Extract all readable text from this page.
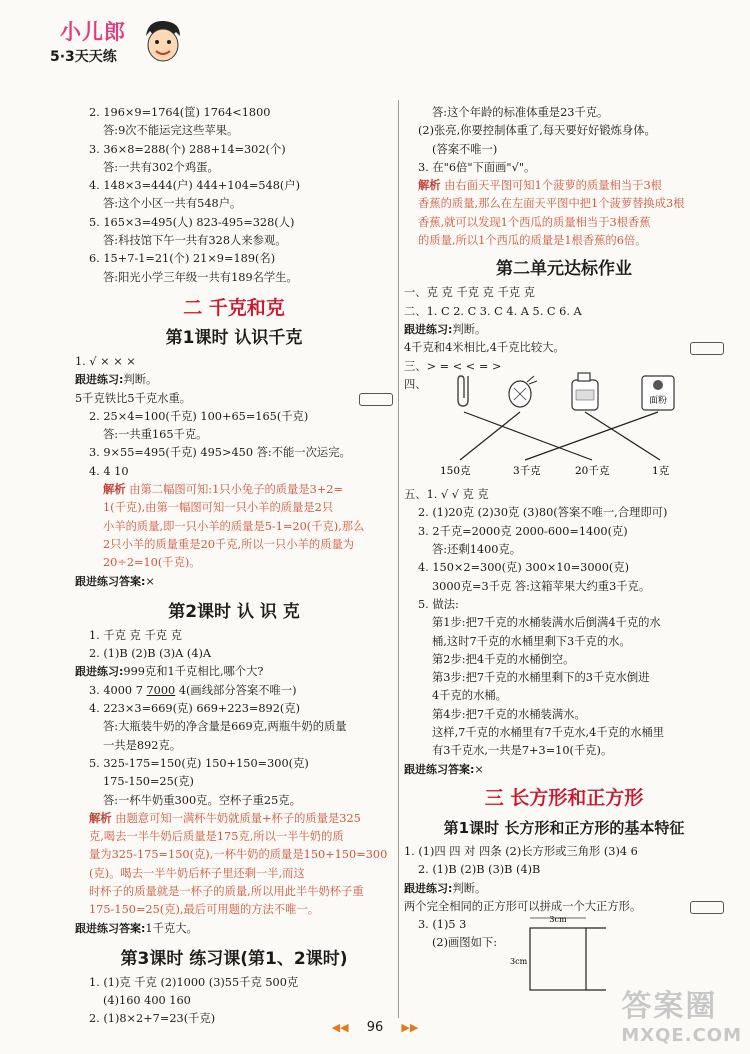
小儿郎
5·3天天练
2. 196×9=1764(筐) 1764<1800
答:9次不能运完这些苹果。
3. 36×8=288(个) 288+14=302(个)
答:一共有302个鸡蛋。
4. 148×3=444(户) 444+104=548(户)
答:这个小区一共有548户。
5. 165×3=495(人) 823-495=328(人)
答:科技馆下午一共有328人来参观。
6. 15+7-1=21(个) 21×9=189(名)
答:阳光小学三年级一共有189名学生。
二 千克和克
第1课时 认识千克
1. √ × × ×
跟进练习:判断。
5千克铁比5千克水重。
2. 25×4=100(千克) 100+65=165(千克)
答:一共重165千克。
3. 9×55=495(千克) 495>450 答:不能一次运完。
4. 4 10
解析 由第二幅图可知:1只小兔子的质量是3+2=
1(千克),由第一幅图可知一只小羊的质量是2只
小羊的质量,即一只小羊的质量是5-1=20(千克),那么
2只小羊的质量重是20千克,所以一只小羊的质量为
20÷2=10(千克)。
跟进练习答案:×
第2课时 认 识 克
1. 千克 克 千克 克
2. (1)B (2)B (3)A (4)A
跟进练习:999克和1千克相比,哪个大?
3. 4000 7 7000 4(画线部分答案不唯一)
4. 223×3=669(克) 669+223=892(克)
答:大瓶装牛奶的净含量是669克,两瓶牛奶的质量
一共是892克。
5. 325-175=150(克) 150+150=300(克)
175-150=25(克)
答:一杯牛奶重300克。空杯子重25克。
解析 由题意可知一满杯牛奶就质量+杯子的质量是325
克,喝去一半牛奶后质量是175克,所以一半牛奶的质
量为325-175=150(克),一杯牛奶的质量是150+150=300
(克)。喝去一半牛奶后杯子里还剩一半,而这
时杯子的质量就是一杯子的质量,所以用此半牛奶杯子重
175-150=25(克),最后可用题的方法不唯一。
跟进练习答案:1千克大。
第3课时 练习课(第1、2课时)
1. (1)克 千克 (2)1000 (3)55千克 500克
(4)160 400 160
2. (1)8×2+7=23(千克)
答:这个年龄的标准体重是23千克。
(2)张亮,你要控制体重了,每天要好好锻炼身体。
(答案不唯一)
3. 在"6倍"下面画"√"。
解析 由右面天平图可知1个菠萝的质量相当于3根
香蕉的质量,那么在左面天平图中把1个菠萝替换成3根
香蕉,就可以发现1个西瓜的质量相当于3根香蕉
的质量,所以1个西瓜的质量是1根香蕉的6倍。
第二单元达标作业
一、克 克 千克 克 千克 克
二、1. C 2. C 3. C 4. A 5. C 6. A
跟进练习:判断。
4千克和4米相比,4千克比较大。
三、> = < < = >
四、
五、1. √ √ 克 克
2. (1)20克 (2)30克 (3)80(答案不唯一,合理即可)
3. 2千克=2000克 2000-600=1400(克)
答:还剩1400克。
4. 150×2=300(克) 300×10=3000(克)
3000克=3千克 答:这箱苹果大约重3千克。
5. 做法:
第1步:把7千克的水桶装满水后倒满4千克的水
桶,这时7千克的水桶里剩下3千克的水。
第2步:把4千克的水桶倒空。
第3步:把7千克的水桶里剩下的3千克水倒进
4千克的水桶。
第4步:把7千克的水桶装满水。
这样,7千克的水桶里有7千克水,4千克的水桶里
有3千克水,一共是7+3=10(千克)。
跟进练习答案:×
三 长方形和正方形
第1课时 长方形和正方形的基本特征
1. (1)四 四 对 四条 (2)长方形或三角形 (3)4 6
2. (1)B (2)B (3)B (4)B
跟进练习:判断。
两个完全相同的正方形可以拼成一个大正方形。
3. (1)5 3
(2)画图如下:
面粉
150克	3千克	20千克	1克
3cm
3cm
◀◀ 96 ▶▶
答案圈
MXQE.COM
